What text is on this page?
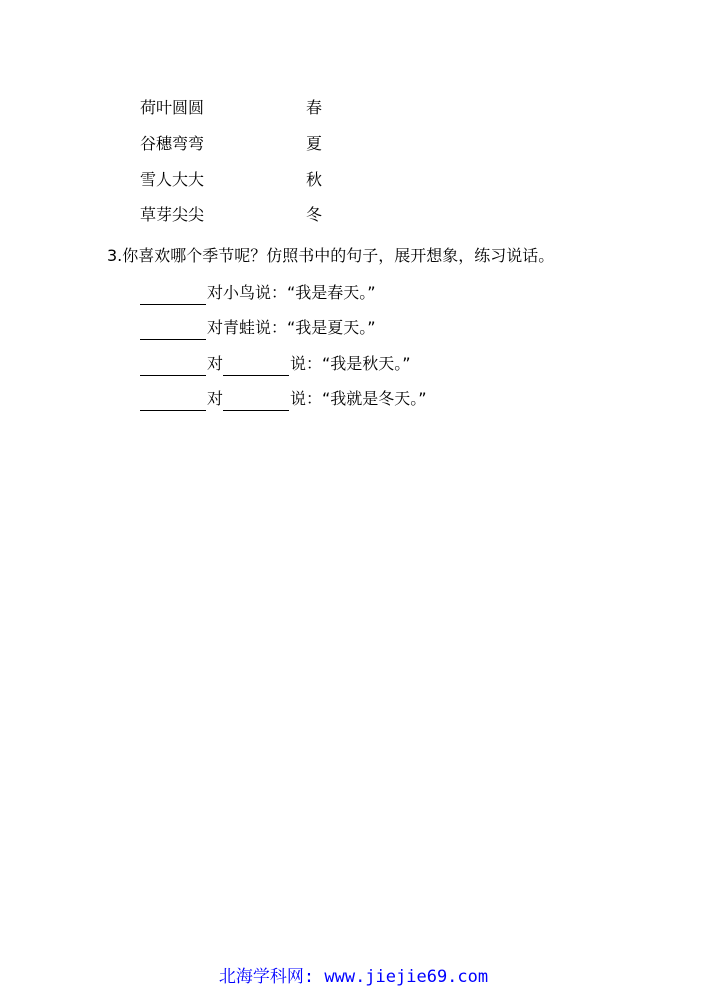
荷叶圆圆	春
谷穗弯弯	夏
雪人大大	秋
草芽尖尖	冬
3.你喜欢哪个季节呢？仿照书中的句子，展开想象，练习说话。
对小鸟说：“我是春天。”
对青蛙说：“我是夏天。”
对	说：“我是秋天。”
对	说：“我就是冬天。”
北海学科网: www.jiejie69.com
